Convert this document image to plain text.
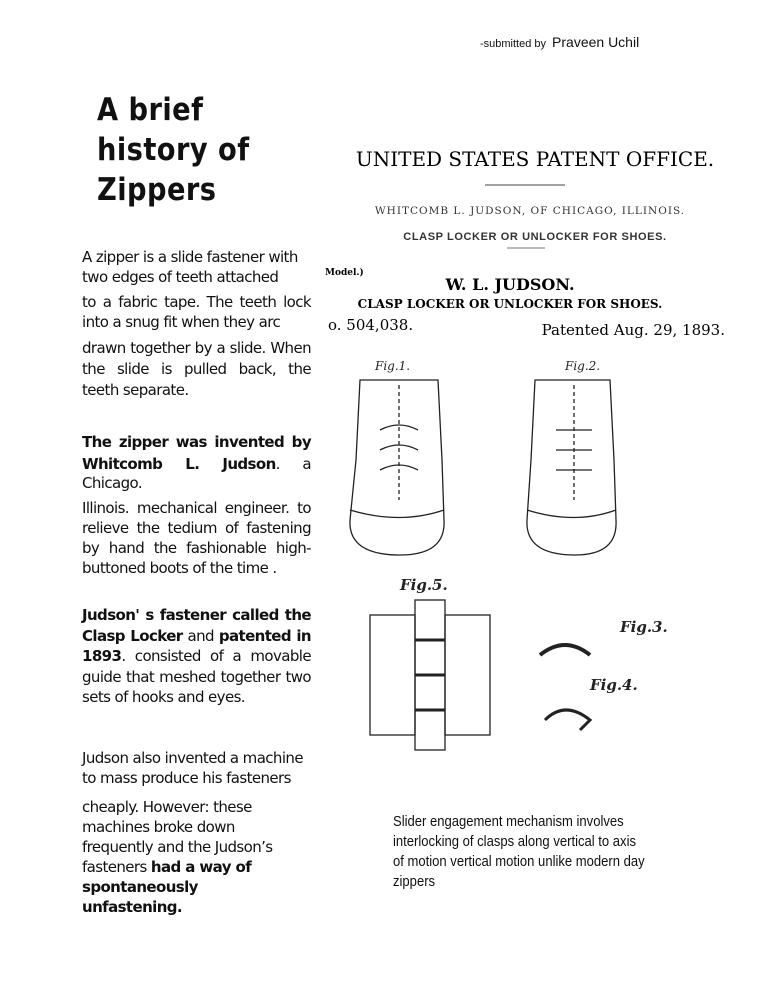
-submitted by Praveen Uchil
A brief
history of
Zippers
A zipper is a slide fastener with two edges of teeth attached
to a fabric tape. The teeth lock into a snug fit when they arc
drawn together by a slide. When the slide is pulled back, the teeth separate.
The zipper was invented by Whitcomb L. Judson. a
Chicago.
Illinois. mechanical engineer. to relieve the tedium of fastening by hand the fashionable high-buttoned boots of the time .
Judson' s fastener called the Clasp Locker and patented in 1893. consisted of a movable guide that meshed together two sets of hooks and eyes.
Judson also invented a machine to mass produce his fasteners
cheaply. However: these machines broke down frequently and the Judson’s fasteners had a way of spontaneously unfastening.
UNITED STATES PATENT OFFICE.
WHITCOMB L. JUDSON, OF CHICAGO, ILLINOIS.
CLASP LOCKER OR UNLOCKER FOR SHOES.
Model.)
W. L. JUDSON.
CLASP LOCKER OR UNLOCKER FOR SHOES.
o. 504,038.	Patented Aug. 29, 1893.
Fig.1.	Fig.2.
Fig.5.
Fig.3.
Fig.4.
Slider engagement mechanism involves interlocking of clasps along vertical to axis of motion vertical motion unlike modern day zippers
